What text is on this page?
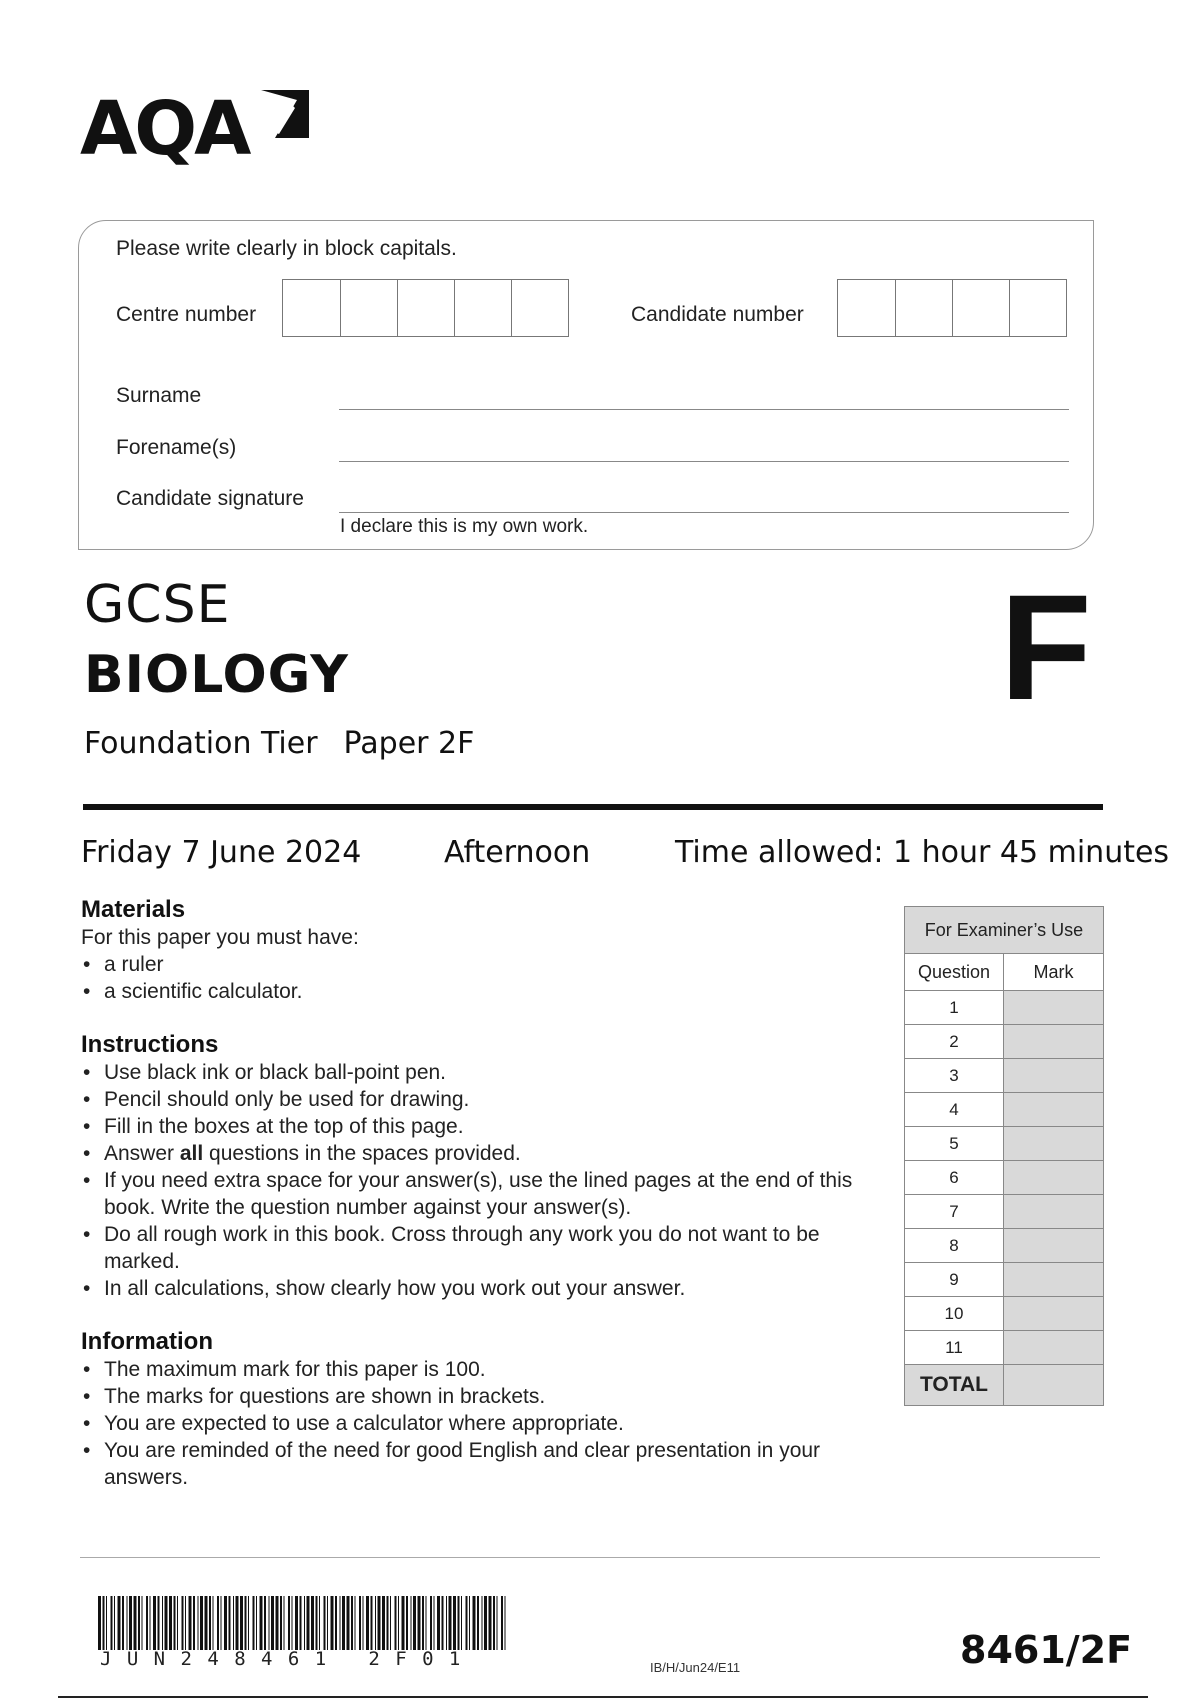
AQA
Please write clearly in block capitals.
Centre number	Candidate number
Surname
Forename(s)
Candidate signature
I declare this is my own work.
GCSE
BIOLOGY
Foundation Tier Paper 2F
F
Friday 7 June 2024	Afternoon	Time allowed: 1 hour 45 minutes
Materials
For this paper you must have:
• a ruler
• a scientific calculator.
Instructions
• Use black ink or black ball-point pen.
• Pencil should only be used for drawing.
• Fill in the boxes at the top of this page.
• Answer all questions in the spaces provided.
• If you need extra space for your answer(s), use the lined pages at the end of this book. Write the question number against your answer(s).
• Do all rough work in this book. Cross through any work you do not want to be marked.
• In all calculations, show clearly how you work out your answer.
Information
• The maximum mark for this paper is 100.
• The marks for questions are shown in brackets.
• You are expected to use a calculator where appropriate.
• You are reminded of the need for good English and clear presentation in your answers.
For Examiner’s Use	
Question	Mark
1	
2	
3	
4	
5	
6	
7	
8	
9	
10	
11	
TOTAL	
JUN248461 2F01	IB/H/Jun24/E11	8461/2F
